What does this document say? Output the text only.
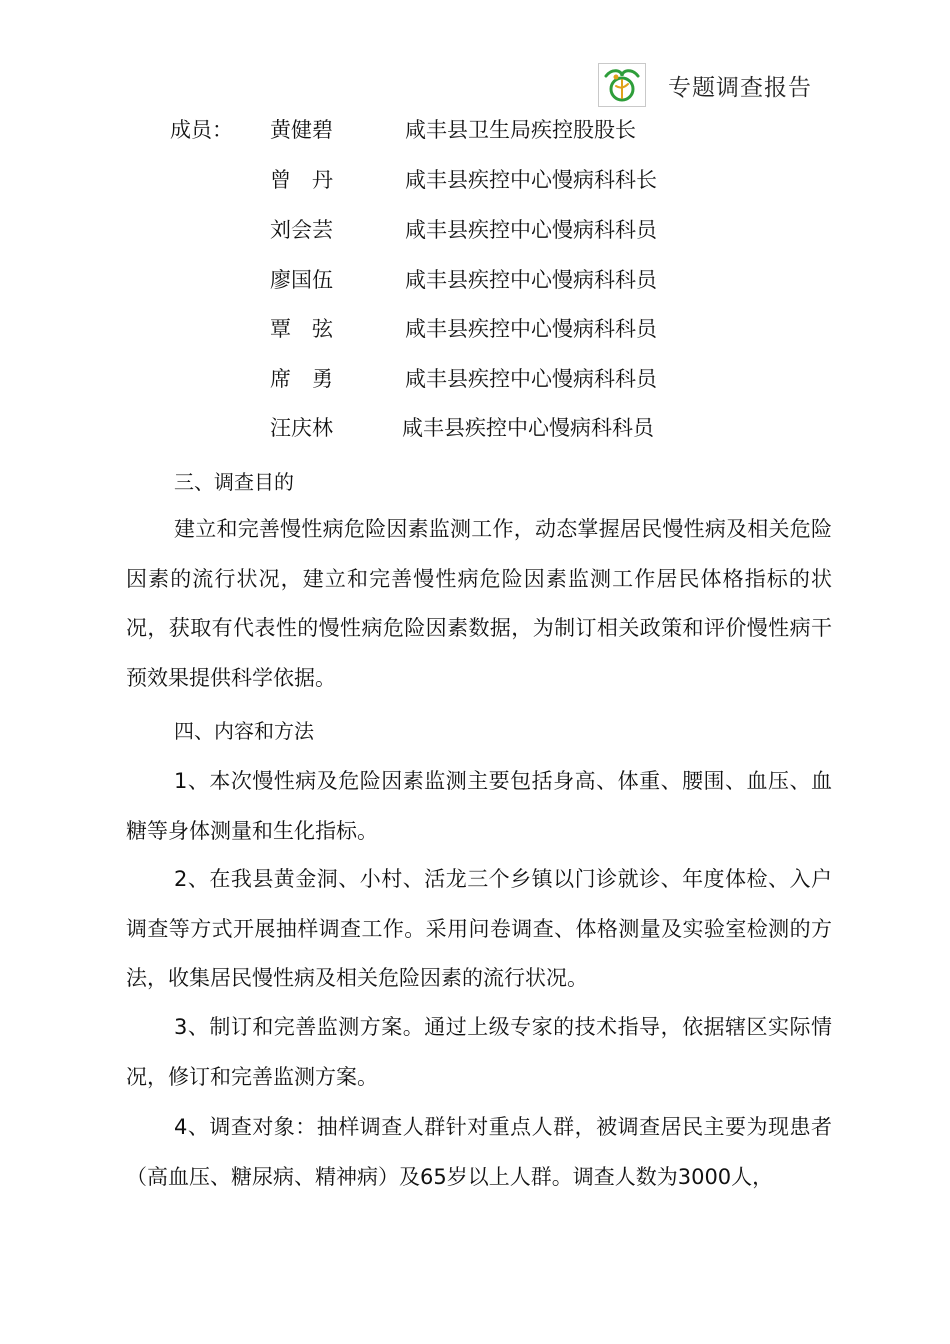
专题调查报告
成员： 黄健碧	咸丰县卫生局疾控股股长
曾　丹	咸丰县疾控中心慢病科科长
刘会芸	咸丰县疾控中心慢病科科员
廖国伍	咸丰县疾控中心慢病科科员
覃　弦	咸丰县疾控中心慢病科科员
席　勇	咸丰县疾控中心慢病科科员
汪庆林	咸丰县疾控中心慢病科科员
三、调查目的

建立和完善慢性病危险因素监测工作，动态掌握居民慢性病及相关危险因素的流行状况，建立和完善慢性病危险因素监测工作居民体格指标的状况，获取有代表性的慢性病危险因素数据，为制订相关政策和评价慢性病干预效果提供科学依据。

四、内容和方法

1、本次慢性病及危险因素监测主要包括身高、体重、腰围、血压、血糖等身体测量和生化指标。

2、在我县黄金洞、小村、活龙三个乡镇以门诊就诊、年度体检、入户调查等方式开展抽样调查工作。采用问卷调查、体格测量及实验室检测的方法，收集居民慢性病及相关危险因素的流行状况。

3、制订和完善监测方案。通过上级专家的技术指导，依据辖区实际情况，修订和完善监测方案。

4、调查对象：抽样调查人群针对重点人群，被调查居民主要为现患者（高血压、糖尿病、精神病）及65岁以上人群。调查人数为3000人，
